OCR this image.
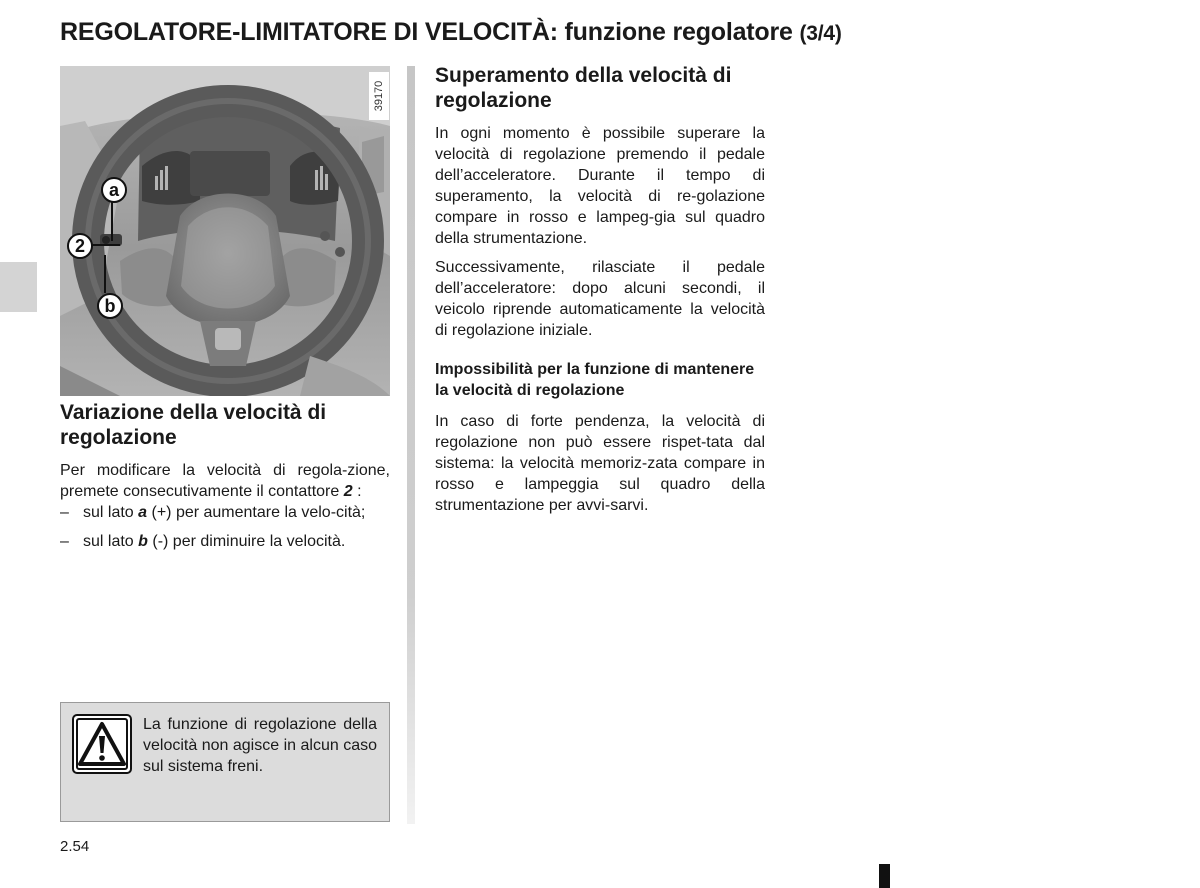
REGOLATORE-LIMITATORE DI VELOCITÀ: funzione regolatore (3/4)
39170
a
2
b
Variazione della velocità di regolazione

Per modificare la velocità di regola-zione, premete consecutivamente il contattore 2 :

– sul lato a (+) per aumentare la velo-cità;
– sul lato b (-) per diminuire la velocità.
La funzione di regolazione della velocità non agisce in alcun caso sul sistema freni.
Superamento della velocità di regolazione

In ogni momento è possibile superare la velocità di regolazione premendo il pedale dell’acceleratore. Durante il tempo di superamento, la velocità di re-golazione compare in rosso e lampeg-gia sul quadro della strumentazione.

Successivamente, rilasciate il pedale dell’acceleratore: dopo alcuni secondi, il veicolo riprende automaticamente la velocità di regolazione iniziale.

Impossibilità per la funzione di mantenere la velocità di regolazione

In caso di forte pendenza, la velocità di regolazione non può essere rispet-tata dal sistema: la velocità memoriz-zata compare in rosso e lampeggia sul quadro della strumentazione per avvi-sarvi.

2.54
